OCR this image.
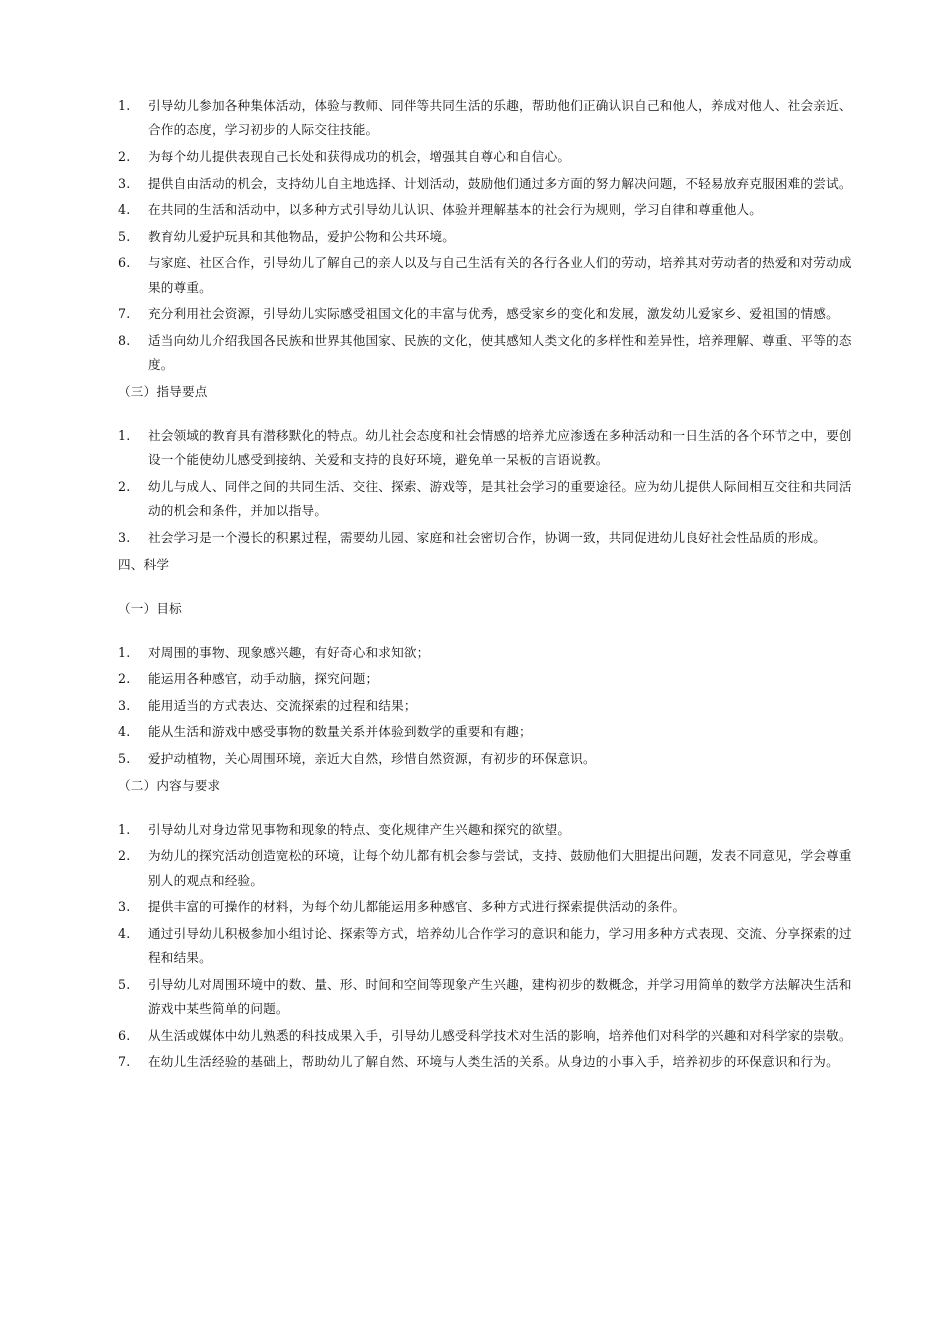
1. 引导幼儿参加各种集体活动，体验与教师、同伴等共同生活的乐趣，帮助他们正确认识自己和他人，养成对他人、社会亲近、合作的态度，学习初步的人际交往技能。
2. 为每个幼儿提供表现自己长处和获得成功的机会，增强其自尊心和自信心。
3. 提供自由活动的机会，支持幼儿自主地选择、计划活动，鼓励他们通过多方面的努力解决问题，不轻易放弃克服困难的尝试。
4. 在共同的生活和活动中，以多种方式引导幼儿认识、体验并理解基本的社会行为规则，学习自律和尊重他人。
5. 教育幼儿爱护玩具和其他物品，爱护公物和公共环境。
6. 与家庭、社区合作，引导幼儿了解自己的亲人以及与自己生活有关的各行各业人们的劳动，培养其对劳动者的热爱和对劳动成果的尊重。
7. 充分利用社会资源，引导幼儿实际感受祖国文化的丰富与优秀，感受家乡的变化和发展，激发幼儿爱家乡、爱祖国的情感。
8. 适当向幼儿介绍我国各民族和世界其他国家、民族的文化，使其感知人类文化的多样性和差异性，培养理解、尊重、平等的态度。
（三）指导要点
1. 社会领域的教育具有潜移默化的特点。幼儿社会态度和社会情感的培养尤应渗透在多种活动和一日生活的各个环节之中，要创设一个能使幼儿感受到接纳、关爱和支持的良好环境，避免单一呆板的言语说教。
2. 幼儿与成人、同伴之间的共同生活、交往、探索、游戏等，是其社会学习的重要途径。应为幼儿提供人际间相互交往和共同活动的机会和条件，并加以指导。
3. 社会学习是一个漫长的积累过程，需要幼儿园、家庭和社会密切合作，协调一致，共同促进幼儿良好社会性品质的形成。
四、科学
（一）目标
1. 对周围的事物、现象感兴趣，有好奇心和求知欲；
2. 能运用各种感官，动手动脑，探究问题；
3. 能用适当的方式表达、交流探索的过程和结果；
4. 能从生活和游戏中感受事物的数量关系并体验到数学的重要和有趣；
5. 爱护动植物，关心周围环境，亲近大自然，珍惜自然资源，有初步的环保意识。
（二）内容与要求
1. 引导幼儿对身边常见事物和现象的特点、变化规律产生兴趣和探究的欲望。
2. 为幼儿的探究活动创造宽松的环境，让每个幼儿都有机会参与尝试，支持、鼓励他们大胆提出问题，发表不同意见，学会尊重别人的观点和经验。
3. 提供丰富的可操作的材料，为每个幼儿都能运用多种感官、多种方式进行探索提供活动的条件。
4. 通过引导幼儿积极参加小组讨论、探索等方式，培养幼儿合作学习的意识和能力，学习用多种方式表现、交流、分享探索的过程和结果。
5. 引导幼儿对周围环境中的数、量、形、时间和空间等现象产生兴趣，建构初步的数概念，并学习用简单的数学方法解决生活和游戏中某些简单的问题。
6. 从生活或媒体中幼儿熟悉的科技成果入手，引导幼儿感受科学技术对生活的影响，培养他们对科学的兴趣和对科学家的崇敬。
7. 在幼儿生活经验的基础上，帮助幼儿了解自然、环境与人类生活的关系。从身边的小事入手，培养初步的环保意识和行为。
